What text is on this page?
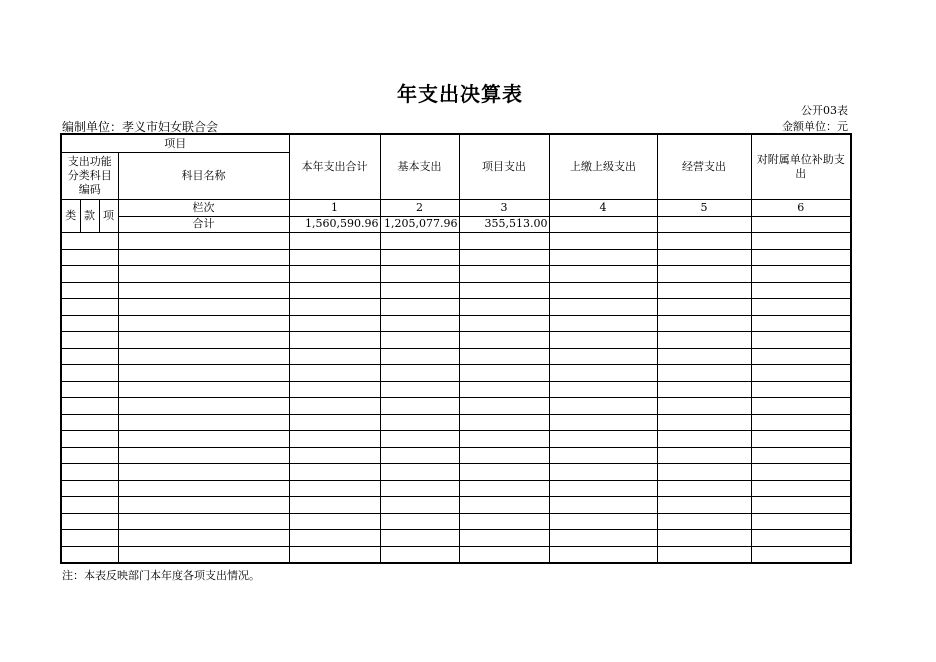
年支出决算表
公开03表
编制单位：孝义市妇女联合会	金额单位：元
项目				本年支出合计	基本支出	项目支出	上缴上级支出	经营支出	对附属单位补助支出
支出功能分类科目编码			科目名称						
类	款	项	栏次	1	2	3	4	5	6
			合计	1,560,590.96	1,205,077.96	355,513.00			

注：本表反映部门本年度各项支出情况。
